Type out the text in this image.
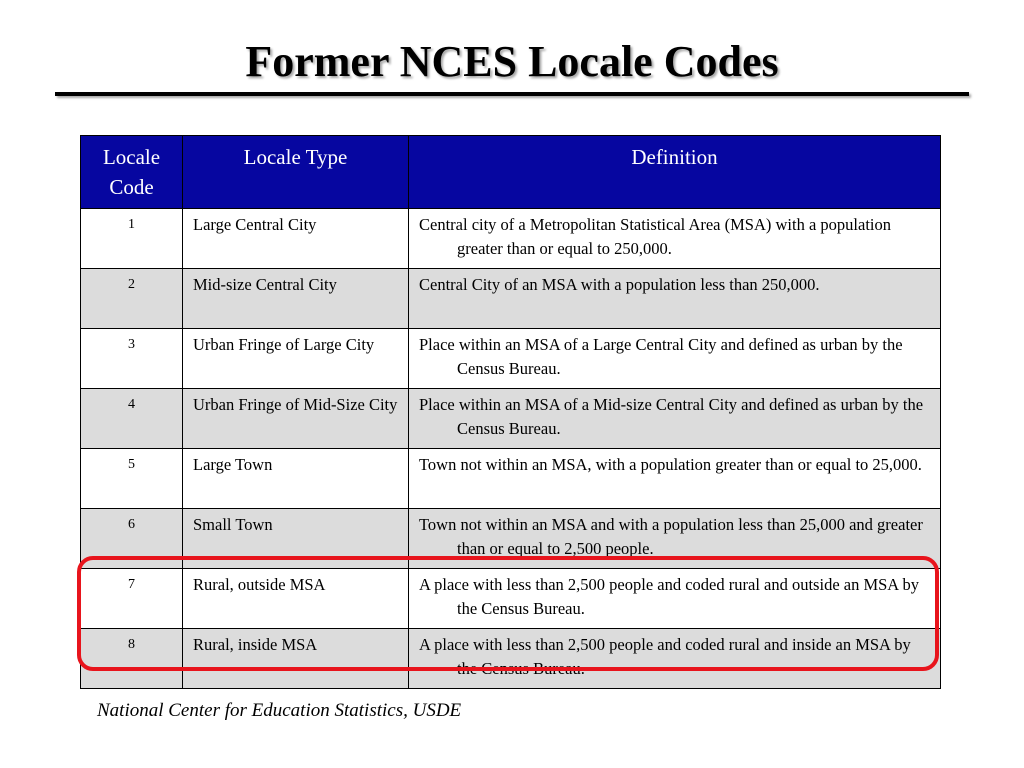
Former NCES Locale Codes
Locale Code	Locale Type	Definition
1	Large Central City	Central city of a Metropolitan Statistical Area (MSA) with a population greater than or equal to 250,000.

2	Mid-size Central City	Central City of an MSA with a population less than 250,000.

3	Urban Fringe of Large City	Place within an MSA of a Large Central City and defined as urban by the Census Bureau.

4	Urban Fringe of Mid-Size City	Place within an MSA of a Mid-size Central City and defined as urban by the Census Bureau.

5	Large Town	Town not within an MSA, with a population greater than or equal to 25,000.

6	Small Town	Town not within an MSA and with a population less than 25,000 and greater than or equal to 2,500 people.

7	Rural, outside MSA	A place with less than 2,500 people and coded rural and outside an MSA by the Census Bureau.

8	Rural, inside MSA	A place with less than 2,500 people and coded rural and inside an MSA by the Census Bureau.
National Center for Education Statistics, USDE
